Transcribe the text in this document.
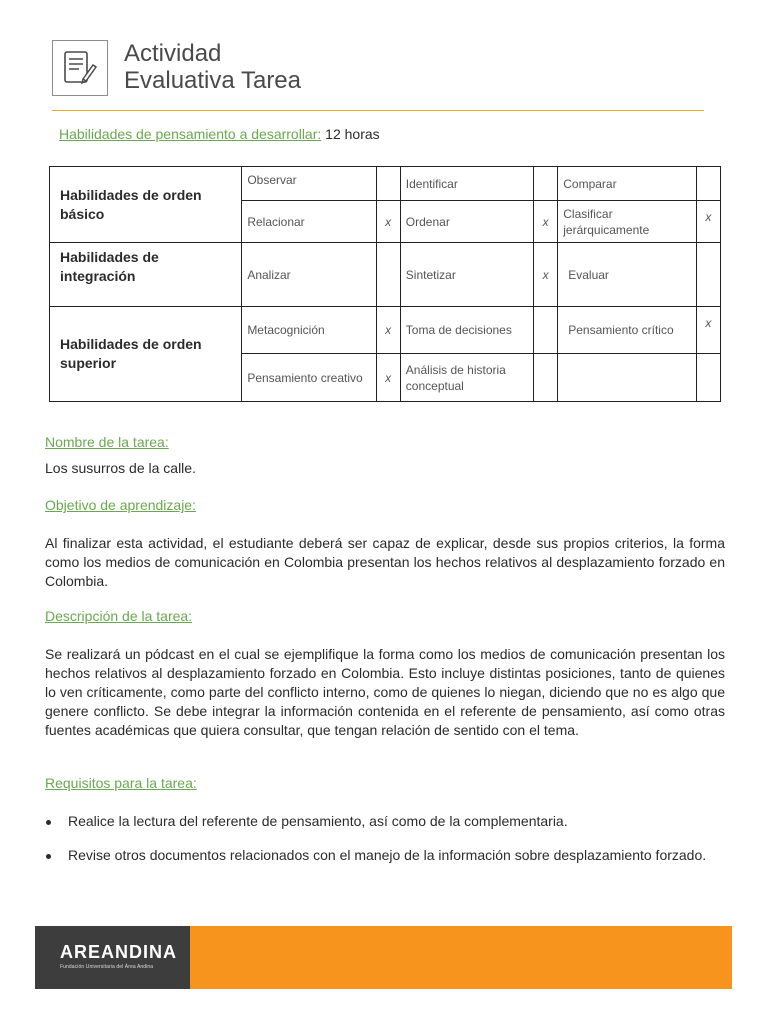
Actividad
Evaluativa Tarea
Habilidades de pensamiento a desarrollar: 12 horas
Habilidades de orden básico	Observar		Identificar		Comparar	
	Relacionar	x	Ordenar	x	Clasificar jerárquicamente	x
Habilidades de integración	Analizar		Sintetizar	x	Evaluar	
Habilidades de orden superior	Metacognición	x	Toma de decisiones		Pensamiento crítico	x
	Pensamiento creativo	x	Análisis de historia conceptual			
Nombre de la tarea:
Los susurros de la calle.
Objetivo de aprendizaje:
Al finalizar esta actividad, el estudiante deberá ser capaz de explicar, desde sus propios criterios, la forma como los medios de comunicación en Colombia presentan los hechos relativos al desplazamiento forzado en Colombia.
Descripción de la tarea:
Se realizará un pódcast en el cual se ejemplifique la forma como los medios de comunicación presentan los hechos relativos al desplazamiento forzado en Colombia. Esto incluye distintas posiciones, tanto de quienes lo ven críticamente, como parte del conflicto interno, como de quienes lo niegan, diciendo que no es algo que genere conflicto. Se debe integrar la información contenida en el referente de pensamiento, así como otras fuentes académicas que quiera consultar, que tengan relación de sentido con el tema.
Requisitos para la tarea:
Realice la lectura del referente de pensamiento, así como de la complementaria.
Revise otros documentos relacionados con el manejo de la información sobre desplazamiento forzado.
AREANDINA
Fundación Universitaria del Área Andina
